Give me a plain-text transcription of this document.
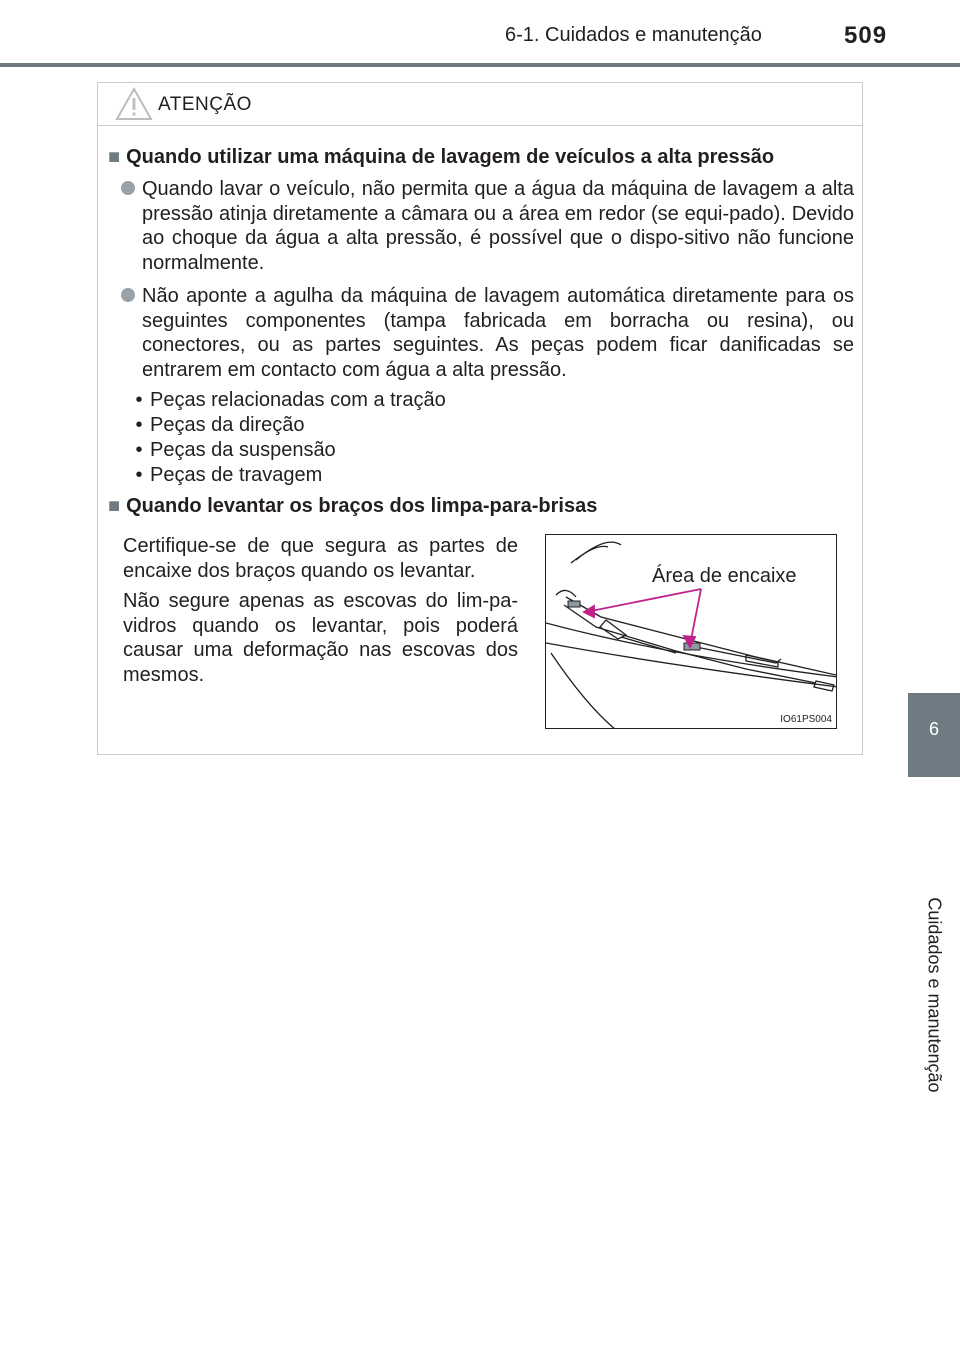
6-1. Cuidados e manutenção	509
6
Cuidados e manutenção
ATENÇÃO
■ Quando utilizar uma máquina de lavagem de veículos a alta pressão
Quando lavar o veículo, não permita que a água da máquina de lavagem a alta pressão atinja diretamente a câmara ou a área em redor (se equi-pado). Devido ao choque da água a alta pressão, é possível que o dispo-sitivo não funcione normalmente.
Não aponte a agulha da máquina de lavagem automática diretamente para os seguintes componentes (tampa fabricada em borracha ou resina), ou conectores, ou as partes seguintes. As peças podem ficar danificadas se entrarem em contacto com água a alta pressão.
• Peças relacionadas com a tração
• Peças da direção
• Peças da suspensão
• Peças de travagem
■ Quando levantar os braços dos limpa-para-brisas
Certifique-se de que segura as partes de encaixe dos braços quando os levantar.
Não segure apenas as escovas do lim-pa-vidros quando os levantar, pois poderá causar uma deformação nas escovas dos mesmos.
Área de encaixe
IO61PS004
